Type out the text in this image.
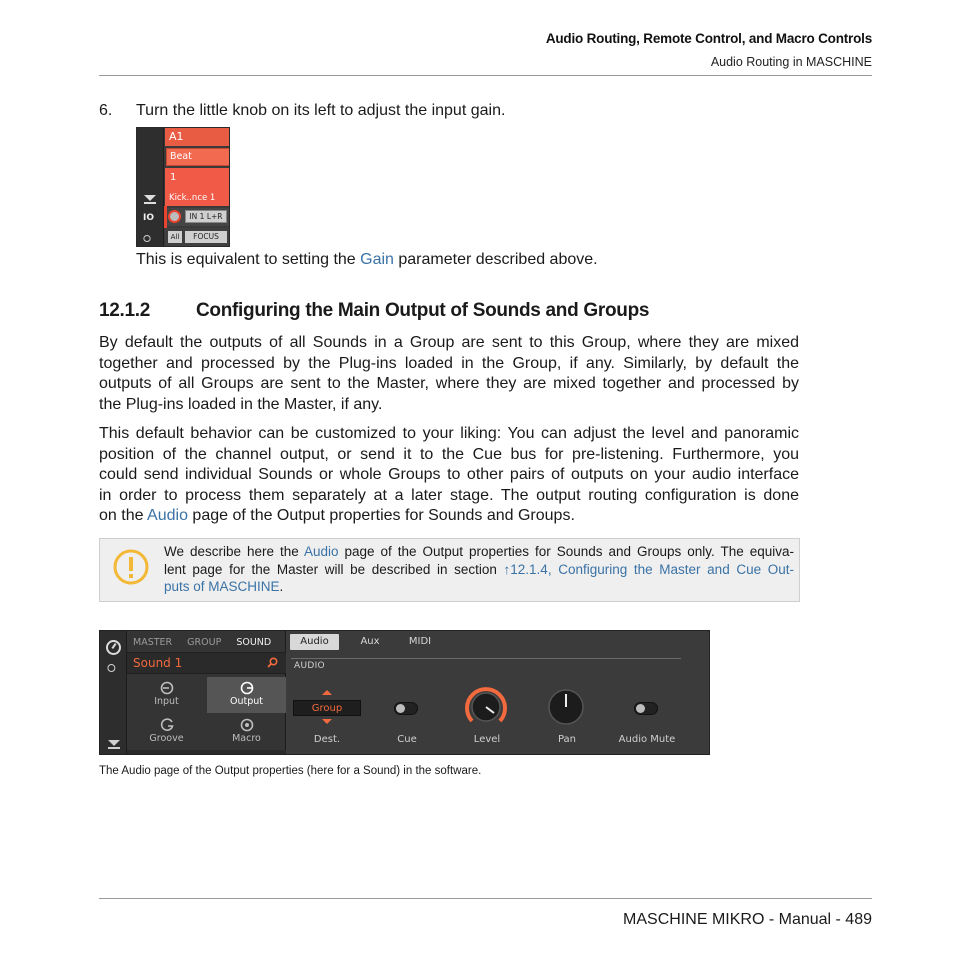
Audio Routing, Remote Control, and Macro Controls
Audio Routing in MASCHINE
6. Turn the little knob on its left to adjust the input gain.
IO
⭘
A1
Beat
1
Kick..nce 1
IN 1 L+R
All	FOCUS
This is equivalent to setting the Gain parameter described above.
12.1.2 Configuring the Main Output of Sounds and Groups
By default the outputs of all Sounds in a Group are sent to this Group, where they are mixed
together and processed by the Plug-ins loaded in the Group, if any. Similarly, by default the
outputs of all Groups are sent to the Master, where they are mixed together and processed by
the Plug-ins loaded in the Master, if any.
This default behavior can be customized to your liking: You can adjust the level and panoramic
position of the channel output, or send it to the Cue bus for pre-listening. Furthermore, you
could send individual Sounds or whole Groups to other pairs of outputs on your audio interface
in order to process them separately at a later stage. The output routing configuration is done
on the Audio page of the Output properties for Sounds and Groups.
We describe here the Audio page of the Output properties for Sounds and Groups only. The equiva-
lent page for the Master will be described in section ↑12.1.4, Configuring the Master and Cue Out-
puts of MASCHINE.
⭘
MASTER GROUP SOUND
Sound 1
Input	Output
Groove	Macro
Audio	Aux	MIDI
AUDIO
Group
Dest.	Cue	Level	Pan	Audio Mute
The Audio page of the Output properties (here for a Sound) in the software.
MASCHINE MIKRO - Manual - 489
